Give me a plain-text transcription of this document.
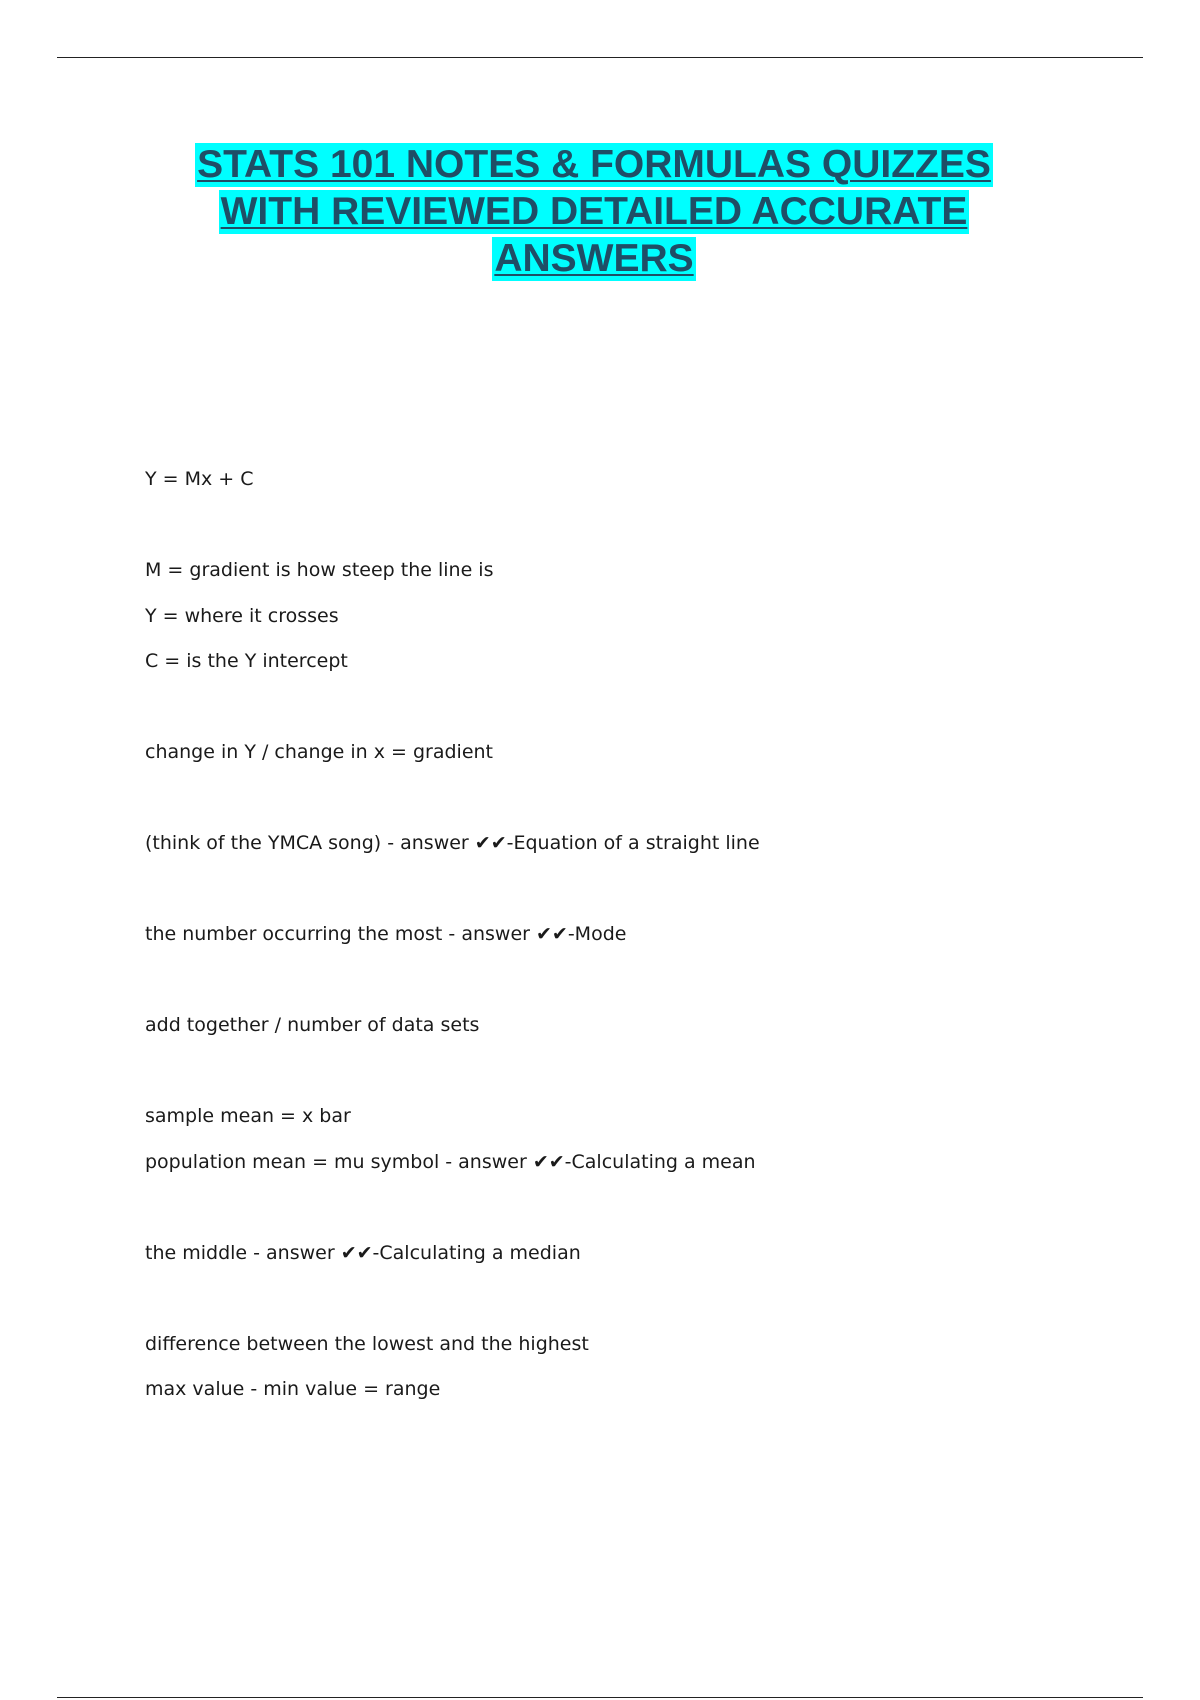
STATS 101 NOTES & FORMULAS QUIZZES
WITH REVIEWED DETAILED ACCURATE
ANSWERS
Y = Mx + C
M = gradient is how steep the line is
Y = where it crosses
C = is the Y intercept
change in Y / change in x = gradient
(think of the YMCA song) - answer ✔✔-Equation of a straight line
the number occurring the most - answer ✔✔-Mode
add together / number of data sets
sample mean = x bar
population mean = mu symbol - answer ✔✔-Calculating a mean
the middle - answer ✔✔-Calculating a median
difference between the lowest and the highest
max value - min value = range
